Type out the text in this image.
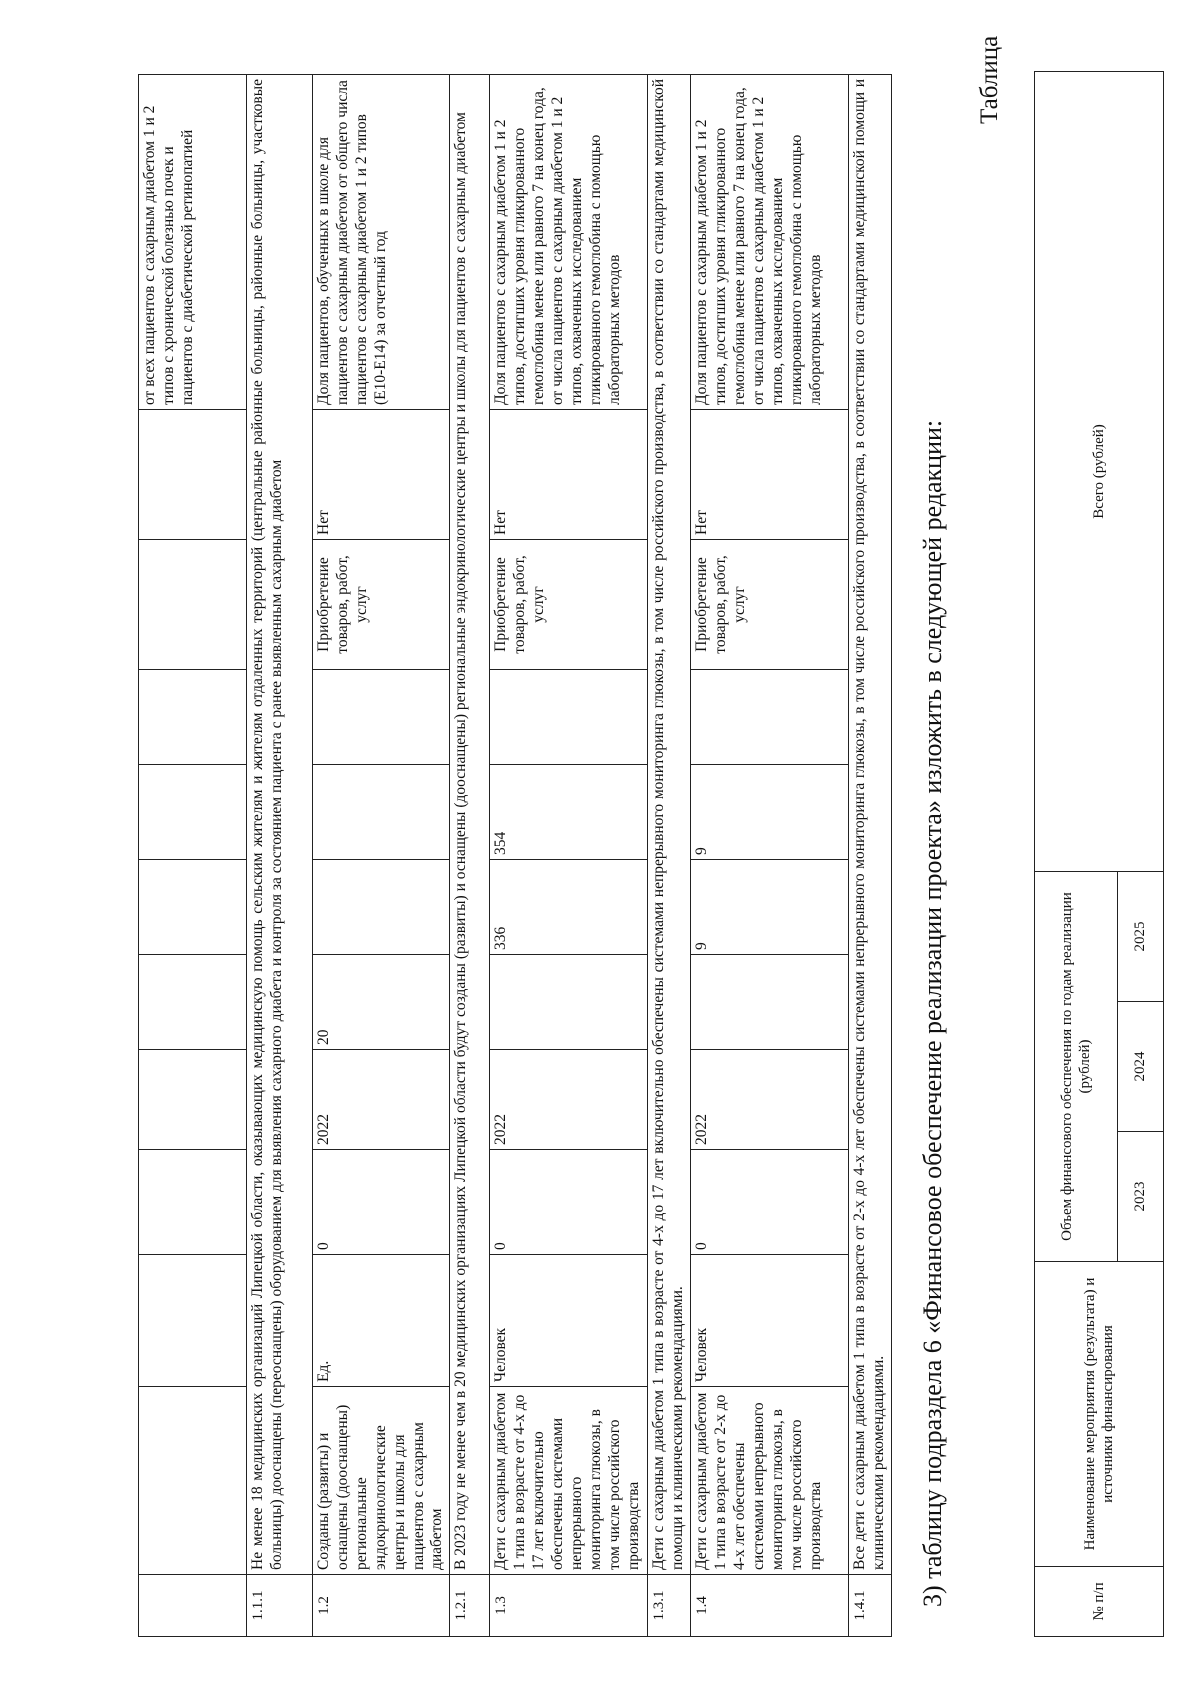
											от всех пациентов с сахарным диабетом 1 и 2 типов с хронической болезнью почек и пациентов с диабетической ретинопатией
1.1.1	Не менее 18 медицинских организаций Липецкой области, оказывающих медицинскую помощь сельским жителям и жителям отдаленных территорий (центральные районные больницы, районные больницы, участковые больницы) дооснащены (переоснащены) оборудованием для выявления сахарного диабета и контроля за состоянием пациента с ранее выявленным сахарным диабетом										
1.2	Созданы (развиты) и оснащены (дооснащены) региональные эндокринологические центры и школы для пациентов с сахарным диабетом	Ед.	0	2022	20				Приобретение товаров, работ, услуг	Нет	Доля пациентов, обученных в школе для пациентов с сахарным диабетом от общего числа пациентов с сахарным диабетом 1 и 2 типов (E10-E14) за отчетный год
1.2.1	В 2023 году не менее чем в 20 медицинских организациях Липецкой области будут созданы (развиты) и оснащены (дооснащены) региональные эндокринологические центры и школы для пациентов с сахарным диабетом										
1.3	Дети с сахарным диабетом 1 типа в возрасте от 4-х до 17 лет включительно обеспечены системами непрерывного мониторинга глюкозы, в том числе российского производства	Человек	0	2022		336	354		Приобретение товаров, работ, услуг	Нет	Доля пациентов с сахарным диабетом 1 и 2 типов, достигших уровня гликированного гемоглобина менее или равного 7 на конец года, от числа пациентов с сахарным диабетом 1 и 2 типов, охваченных исследованием гликированного гемоглобина с помощью лабораторных методов
1.3.1	Дети с сахарным диабетом 1 типа в возрасте от 4-х до 17 лет включительно обеспечены системами непрерывного мониторинга глюкозы, в том числе российского производства, в соответствии со стандартами медицинской помощи и клиническими рекомендациями.										
1.4	Дети с сахарным диабетом 1 типа в возрасте от 2-х до 4-х лет обеспечены системами непрерывного мониторинга глюкозы, в том числе российского производства	Человек	0	2022		9	9		Приобретение товаров, работ, услуг	Нет	Доля пациентов с сахарным диабетом 1 и 2 типов, достигших уровня гликированного гемоглобина менее или равного 7 на конец года, от числа пациентов с сахарным диабетом 1 и 2 типов, охваченных исследованием гликированного гемоглобина с помощью лабораторных методов
1.4.1	Все дети с сахарным диабетом 1 типа в возрасте от 2-х до 4-х лет обеспечены системами непрерывного мониторинга глюкозы, в том числе российского производства, в соответствии со стандартами медицинской помощи и клиническими рекомендациями.										3) таблицу подраздела 6 «Финансовое обеспечение реализации проекта» изложить в следующей редакции:
Таблица
№ п/п	Наименование мероприятия (результата) и источники финансирования	Объем финансового обеспечения по годам реализации (рублей)			Всего (рублей)
		2023	2024	2025	
